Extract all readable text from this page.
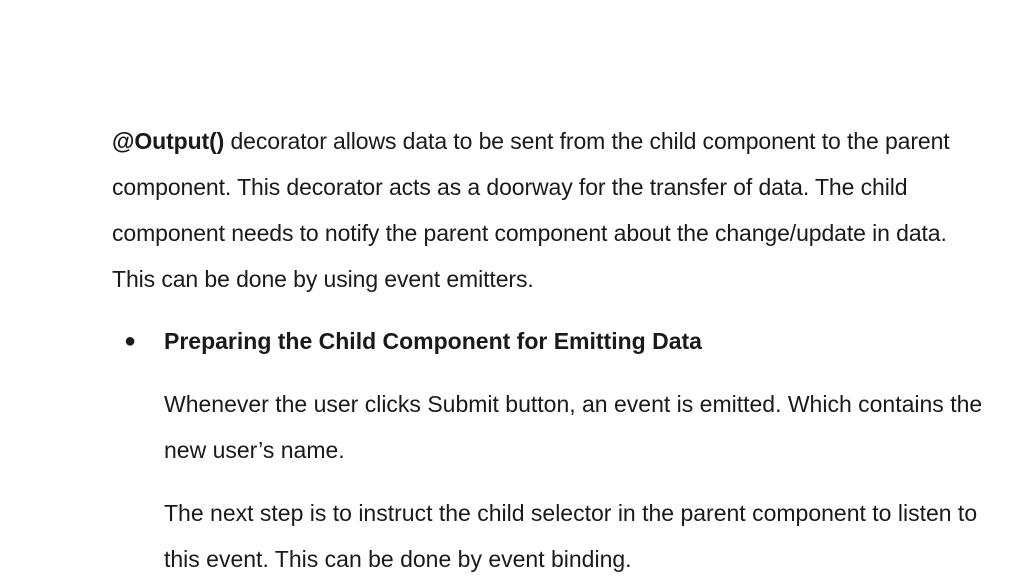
@Output() decorator allows data to be sent from the child component to the parent component. This decorator acts as a doorway for the transfer of data. The child component needs to notify the parent component about the change/update in data. This can be done by using event emitters.

● Preparing the Child Component for Emitting Data

Whenever the user clicks Submit button, an event is emitted. Which contains the new user’s name.

The next step is to instruct the child selector in the parent component to listen to this event. This can be done by event binding.
